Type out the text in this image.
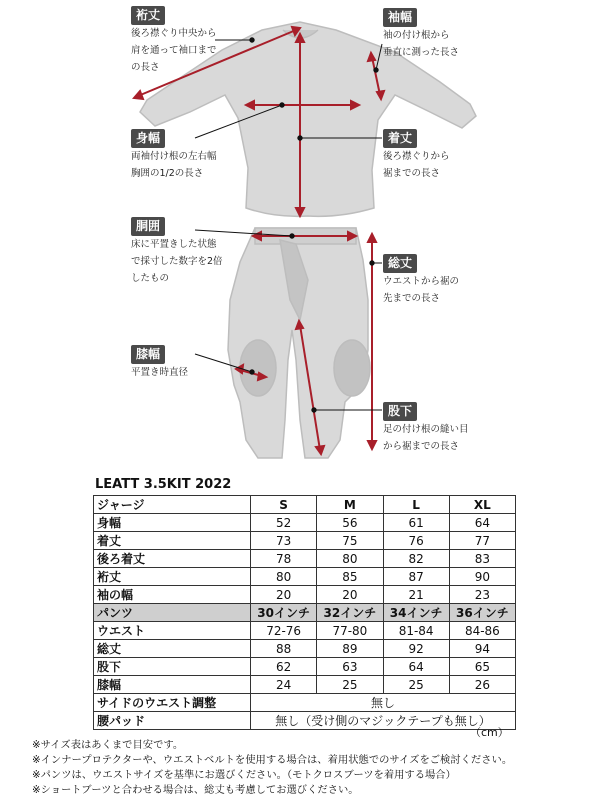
裄丈
後ろ襟ぐり中央から
肩を通って袖口まで
の長さ
袖幅
袖の付け根から
垂直に測った長さ
身幅
両袖付け根の左右幅
胸囲の1/2の長さ
着丈
後ろ襟ぐりから
裾までの長さ
胴囲
床に平置きした状態
で採寸した数字を2倍
したもの
総丈
ウエストから裾の
先までの長さ
膝幅
平置き時直径
股下
足の付け根の縫い目
から裾までの長さ
LEATT 3.5KIT 2022
ジャージ	S	M	L	XL
身幅	52	56	61	64
着丈	73	75	76	77
後ろ着丈	78	80	82	83
裄丈	80	85	87	90
袖の幅	20	20	21	23
パンツ	30インチ	32インチ	34インチ	36インチ
ウエスト	72-76	77-80	81-84	84-86
総丈	88	89	92	94
股下	62	63	64	65
膝幅	24	25	25	26
サイドのウエスト調整	無し			
腰パッド	無し（受け側のマジックテープも無し）			
（cm）
※サイズ表はあくまで目安です。
※インナープロテクターや、ウエストベルトを使用する場合は、着用状態でのサイズをご検討ください。
※パンツは、ウエストサイズを基準にお選びください。（モトクロスブーツを着用する場合）
※ショートブーツと合わせる場合は、総丈も考慮してお選びください。
